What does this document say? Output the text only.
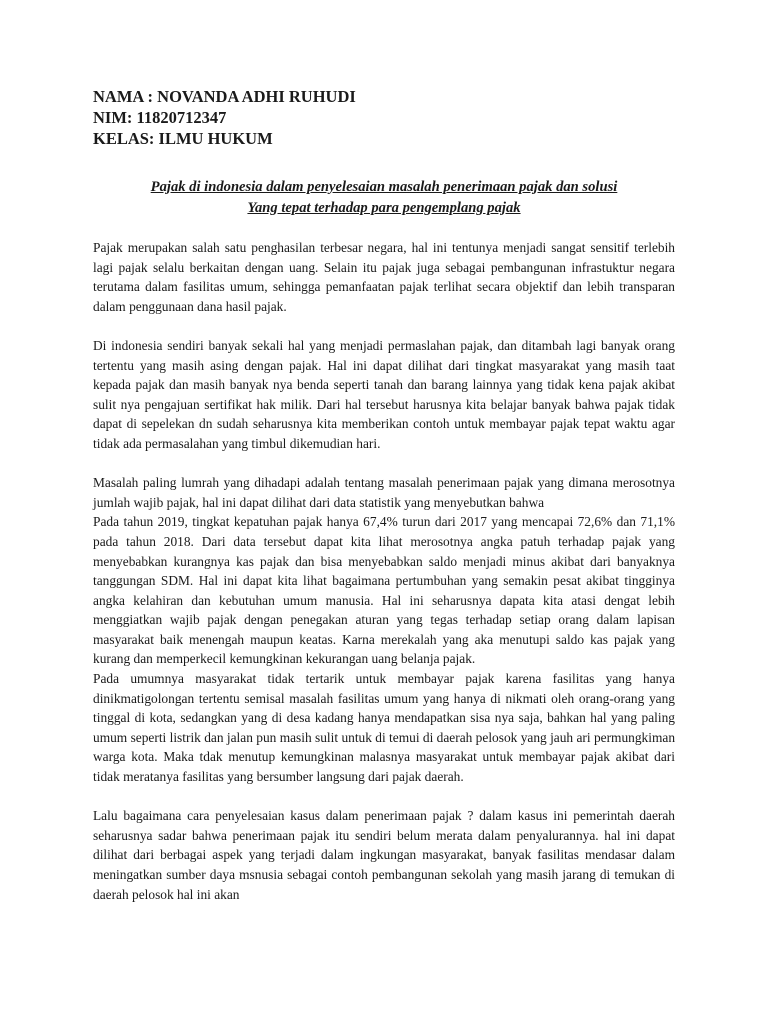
NAMA : NOVANDA ADHI RUHUDI

NIM: 11820712347

KELAS: ILMU HUKUM

Pajak di indonesia dalam penyelesaian masalah penerimaan pajak dan solusi
Yang tepat terhadap para pengemplang pajak

Pajak merupakan salah satu penghasilan terbesar negara, hal ini tentunya menjadi sangat sensitif terlebih lagi pajak selalu berkaitan dengan uang. Selain itu pajak juga sebagai pembangunan infrastuktur negara terutama dalam fasilitas umum, sehingga pemanfaatan pajak terlihat secara objektif dan lebih transparan dalam penggunaan dana hasil pajak.

Di indonesia sendiri banyak sekali hal yang menjadi permaslahan pajak, dan ditambah lagi banyak orang tertentu yang masih asing dengan pajak. Hal ini dapat dilihat dari tingkat masyarakat yang masih taat kepada pajak dan masih banyak nya benda seperti tanah dan barang lainnya yang tidak kena pajak akibat sulit nya pengajuan sertifikat hak milik. Dari hal tersebut harusnya kita belajar banyak bahwa pajak tidak dapat di sepelekan dn sudah seharusnya kita memberikan contoh untuk membayar pajak tepat waktu agar tidak ada permasalahan yang timbul dikemudian hari.

Masalah paling lumrah yang dihadapi adalah tentang masalah penerimaan pajak yang dimana merosotnya jumlah wajib pajak, hal ini dapat dilihat dari data statistik yang menyebutkan bahwa

Pada tahun 2019, tingkat kepatuhan pajak hanya 67,4% turun dari 2017 yang mencapai 72,6% dan 71,1% pada tahun 2018. Dari data tersebut dapat kita lihat merosotnya angka patuh terhadap pajak yang menyebabkan kurangnya kas pajak dan bisa menyebabkan saldo menjadi minus akibat dari banyaknya tanggungan SDM. Hal ini dapat kita lihat bagaimana pertumbuhan yang semakin pesat akibat tingginya angka kelahiran dan kebutuhan umum manusia. Hal ini seharusnya dapata kita atasi dengat lebih menggiatkan wajib pajak dengan penegakan aturan yang tegas terhadap setiap orang dalam lapisan masyarakat baik menengah maupun keatas. Karna merekalah yang aka menutupi saldo kas pajak yang kurang dan memperkecil kemungkinan kekurangan uang belanja pajak.

Pada umumnya masyarakat tidak tertarik untuk membayar pajak karena fasilitas yang hanya dinikmatigolongan tertentu semisal masalah fasilitas umum yang hanya di nikmati oleh orang-orang yang tinggal di kota, sedangkan yang di desa kadang hanya mendapatkan sisa nya saja, bahkan hal yang paling umum seperti listrik dan jalan pun masih sulit untuk di temui di daerah pelosok yang jauh ari permungkiman warga kota. Maka tdak menutup kemungkinan malasnya masyarakat untuk membayar pajak akibat dari tidak meratanya fasilitas yang bersumber langsung dari pajak daerah.

Lalu bagaimana cara penyelesaian kasus dalam penerimaan pajak ? dalam kasus ini pemerintah daerah seharusnya sadar bahwa penerimaan pajak itu sendiri belum merata dalam penyalurannya. hal ini dapat dilihat dari berbagai aspek yang terjadi dalam ingkungan masyarakat, banyak fasilitas mendasar dalam meningatkan sumber daya msnusia sebagai contoh pembangunan sekolah yang masih jarang di temukan di daerah pelosok hal ini akan
